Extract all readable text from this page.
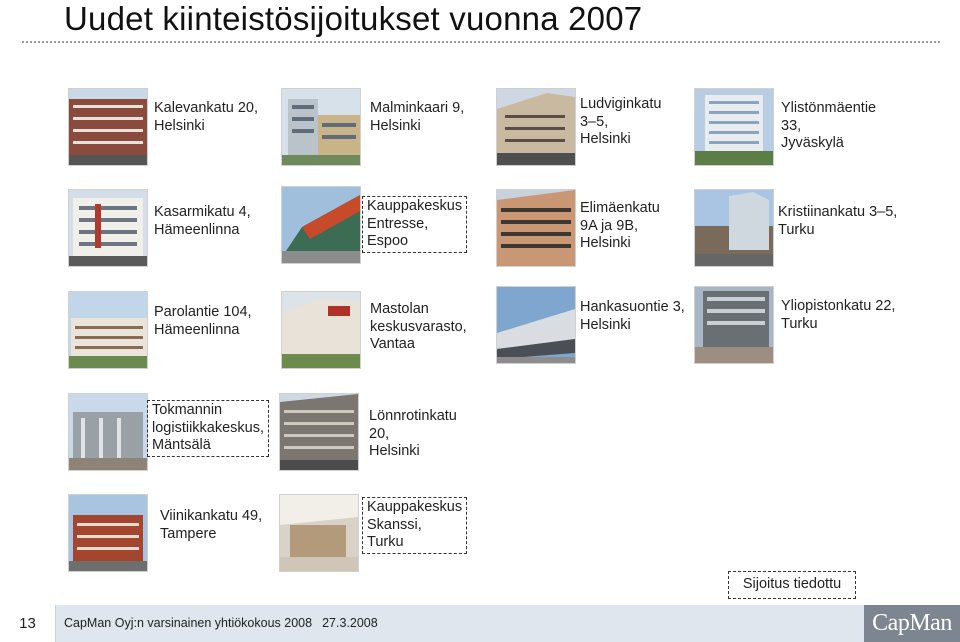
Uudet kiinteistösijoitukset vuonna 2007
Kalevankatu 20,
Helsinki
Malminkaari 9,
Helsinki
Ludviginkatu
3–5,
Helsinki
Ylistönmäentie
33,
Jyväskylä
Kasarmikatu 4,
Hämeenlinna
Kauppakeskus
Entresse,
Espoo
Elimäenkatu
9A ja 9B,
Helsinki
Kristiinankatu 3–5,
Turku
Parolantie 104,
Hämeenlinna
Mastolan
keskusvarasto,
Vantaa
Hankasuontie 3,
Helsinki
Yliopistonkatu 22,
Turku
Tokmannin
logistiikkakeskus,
Mäntsälä
Lönnrotinkatu
20,
Helsinki
Viinikankatu 49,
Tampere
Kauppakeskus
Skanssi,
Turku
Sijoitus tiedottu
13	CapMan Oyj:n varsinainen yhtiökokous 2008 27.3.2008	CapMan
